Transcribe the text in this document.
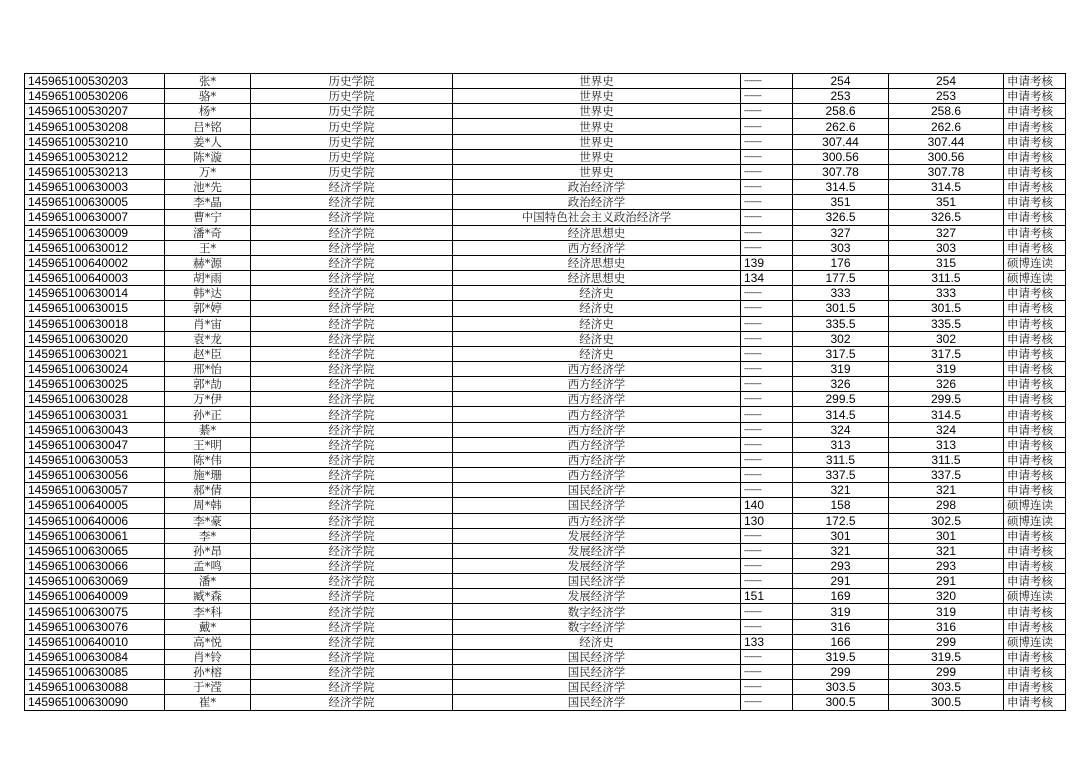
145965100530203	张*	历史学院	世界史	--------	254	254	申请考核
145965100530206	骆*	历史学院	世界史	--------	253	253	申请考核
145965100530207	杨*	历史学院	世界史	--------	258.6	258.6	申请考核
145965100530208	吕*铭	历史学院	世界史	--------	262.6	262.6	申请考核
145965100530210	姜*人	历史学院	世界史	--------	307.44	307.44	申请考核
145965100530212	陈*漩	历史学院	世界史	--------	300.56	300.56	申请考核
145965100530213	万*	历史学院	世界史	--------	307.78	307.78	申请考核
145965100630003	池*先	经济学院	政治经济学	--------	314.5	314.5	申请考核
145965100630005	李*晶	经济学院	政治经济学	--------	351	351	申请考核
145965100630007	曹*宁	经济学院	中国特色社会主义政治经济学	--------	326.5	326.5	申请考核
145965100630009	潘*奇	经济学院	经济思想史	--------	327	327	申请考核
145965100630012	王*	经济学院	西方经济学	--------	303	303	申请考核
145965100640002	赫*源	经济学院	经济思想史	139	176	315	硕博连读
145965100640003	胡*雨	经济学院	经济思想史	134	177.5	311.5	硕博连读
145965100630014	韩*达	经济学院	经济史	--------	333	333	申请考核
145965100630015	郭*婷	经济学院	经济史	--------	301.5	301.5	申请考核
145965100630018	肖*宙	经济学院	经济史	--------	335.5	335.5	申请考核
145965100630020	袁*龙	经济学院	经济史	--------	302	302	申请考核
145965100630021	赵*臣	经济学院	经济史	--------	317.5	317.5	申请考核
145965100630024	邢*怡	经济学院	西方经济学	--------	319	319	申请考核
145965100630025	郭*劼	经济学院	西方经济学	--------	326	326	申请考核
145965100630028	万*伊	经济学院	西方经济学	--------	299.5	299.5	申请考核
145965100630031	孙*正	经济学院	西方经济学	--------	314.5	314.5	申请考核
145965100630043	綦*	经济学院	西方经济学	--------	324	324	申请考核
145965100630047	王*明	经济学院	西方经济学	--------	313	313	申请考核
145965100630053	陈*伟	经济学院	西方经济学	--------	311.5	311.5	申请考核
145965100630056	施*珊	经济学院	西方经济学	--------	337.5	337.5	申请考核
145965100630057	郝*倩	经济学院	国民经济学	--------	321	321	申请考核
145965100640005	周*韩	经济学院	国民经济学	140	158	298	硕博连读
145965100640006	李*豪	经济学院	西方经济学	130	172.5	302.5	硕博连读
145965100630061	李*	经济学院	发展经济学	--------	301	301	申请考核
145965100630065	孙*昂	经济学院	发展经济学	--------	321	321	申请考核
145965100630066	孟*鸣	经济学院	发展经济学	--------	293	293	申请考核
145965100630069	潘*	经济学院	国民经济学	--------	291	291	申请考核
145965100640009	臧*森	经济学院	发展经济学	151	169	320	硕博连读
145965100630075	李*科	经济学院	数字经济学	--------	319	319	申请考核
145965100630076	戴*	经济学院	数字经济学	--------	316	316	申请考核
145965100640010	高*悦	经济学院	经济史	133	166	299	硕博连读
145965100630084	肖*铃	经济学院	国民经济学	--------	319.5	319.5	申请考核
145965100630085	孙*榕	经济学院	国民经济学	--------	299	299	申请考核
145965100630088	于*滢	经济学院	国民经济学	--------	303.5	303.5	申请考核
145965100630090	崔*	经济学院	国民经济学	--------	300.5	300.5	申请考核
